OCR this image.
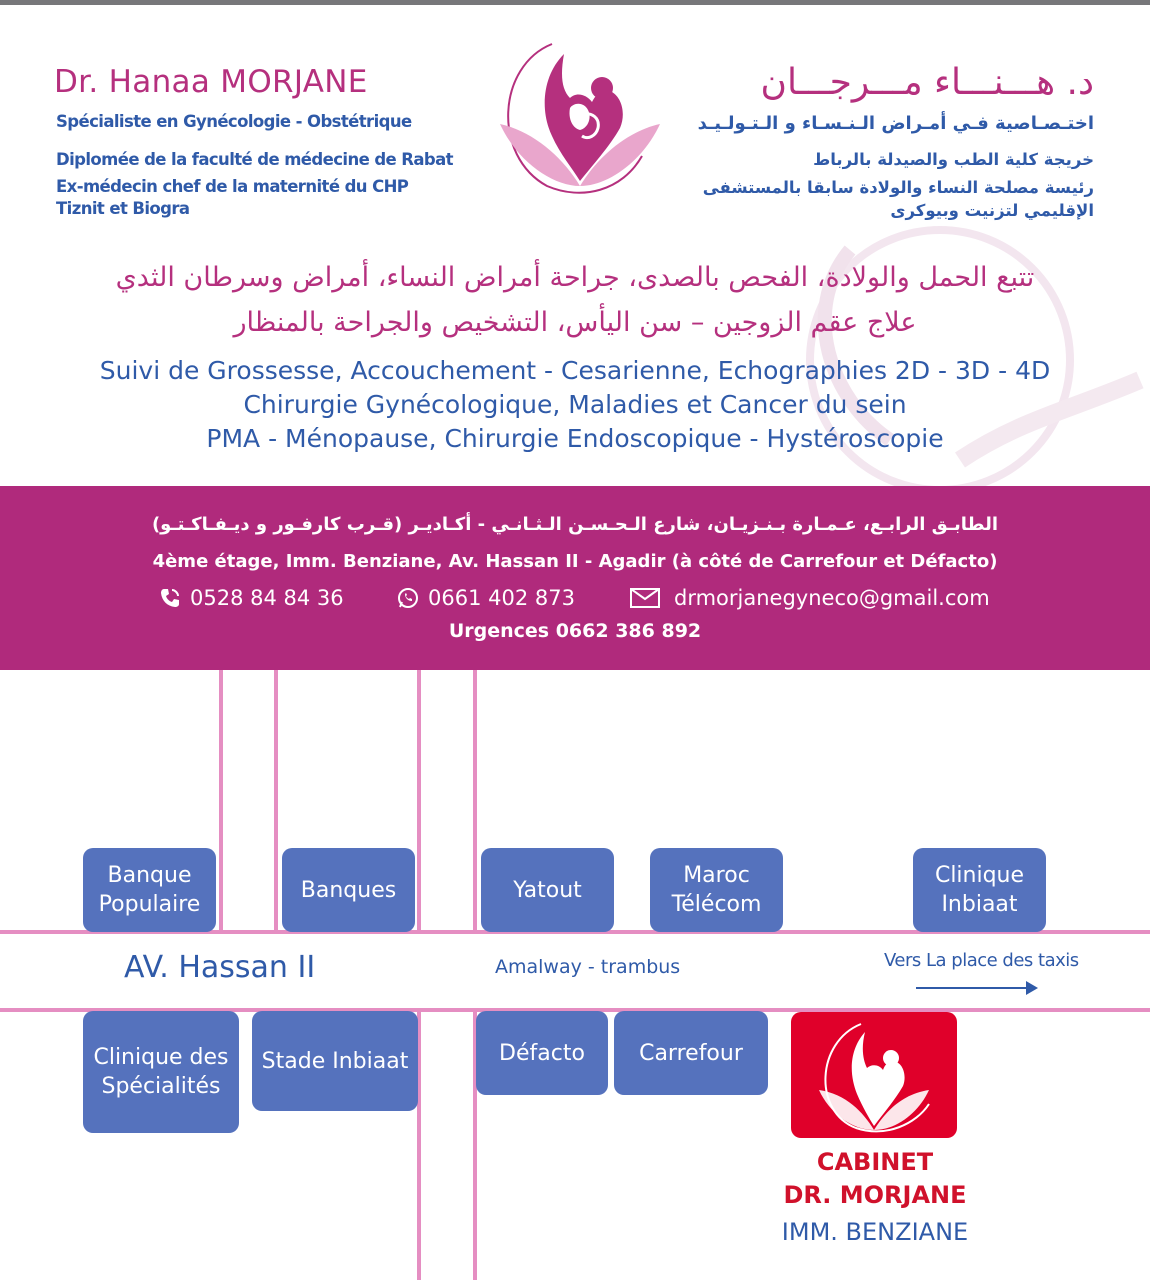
Dr. Hanaa MORJANE
Spécialiste en Gynécologie - Obstétrique
Diplomée de la faculté de médecine de Rabat
Ex-médecin chef de la maternité du CHP
Tiznit et Biogra
د. هـــنـــاء مـــرجـــان
اختـصـاصية فـي أمـراض الـنـسـاء و الـتـولـيـد
خريجة كلية الطب والصيدلة بالرباط
رئيسة مصلحة النساء والولادة سابقا بالمستشفى
الإقليمي لتزنيت وبيوكرى
تتبع الحمل والولادة، الفحص بالصدى، جراحة أمراض النساء، أمراض وسرطان الثدي
علاج عقم الزوجين – سن اليأس، التشخيص والجراحة بالمنظار
Suivi de Grossesse, Accouchement - Cesarienne, Echographies 2D - 3D - 4D
Chirurgie Gynécologique, Maladies et Cancer du sein
PMA - Ménopause, Chirurgie Endoscopique - Hystéroscopie
الطابـق الرابـع، عـمـارة بـنـزيـان، شارع الـحـسـن الـثـانـي - أكـاديـر (قـرب كارفـور و ديـفـاكـتـو)
4ème étage, Imm. Benziane, Av. Hassan II - Agadir (à côté de Carrefour et Défacto)
0528 84 84 36	0661 402 873	drmorjanegyneco@gmail.com
Urgences 0662 386 892
Banque Populaire
Banques	Yatout
Maroc Télécom
Clinique Inbiaat
AV. Hassan II	Amalway - trambus	Vers La place des taxis
Clinique des Spécialités
Stade Inbiaat	Défacto	Carrefour
CABINET
DR. MORJANE
IMM. BENZIANE
